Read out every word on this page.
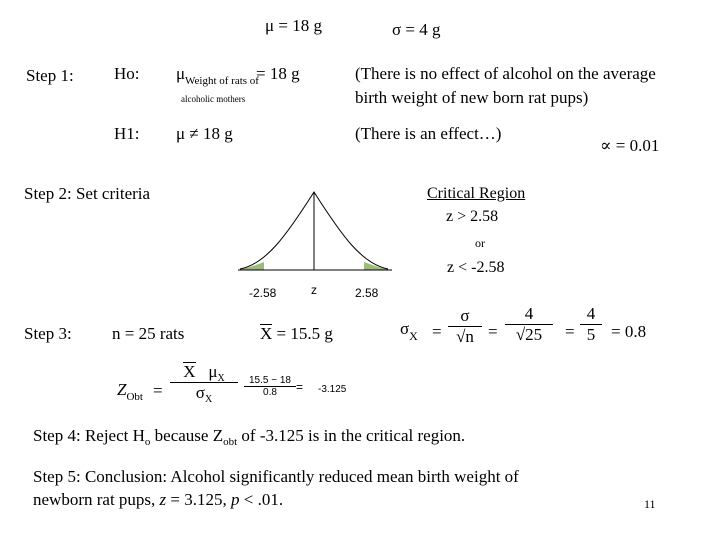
μ = 18 g	σ = 4 g
Step 1: Ho: μ Weight of rats of
= 18 g
alcoholic mothers
(There is no effect of alcohol on the average
birth weight of new born rat pups)
H1: μ ≠ 18 g	(There is an effect…)
∝ = 0.01
Step 2: Set criteria	Critical Region
z > 2.58
or
z < -2.58
-2.58	z	2.58
Step 3: n = 25 rats	X = 15.5 g	$\sigma_X = \frac{\sigma}{√n} = \frac{4}{√25} = \frac{4}{5} = 0.8$
$Z_{Obt} = \frac{X \mu_X}{\sigma_X} \frac{15.5 - 18}{0.8} = -3.125$
Step 4: Reject $H_o$ because $Z_{obt}$ of -3.125 is in the critical region.
Step 5: Conclusion: Alcohol significantly reduced mean birth weight of
newborn rat pups, z = 3.125, p < .01.	11
